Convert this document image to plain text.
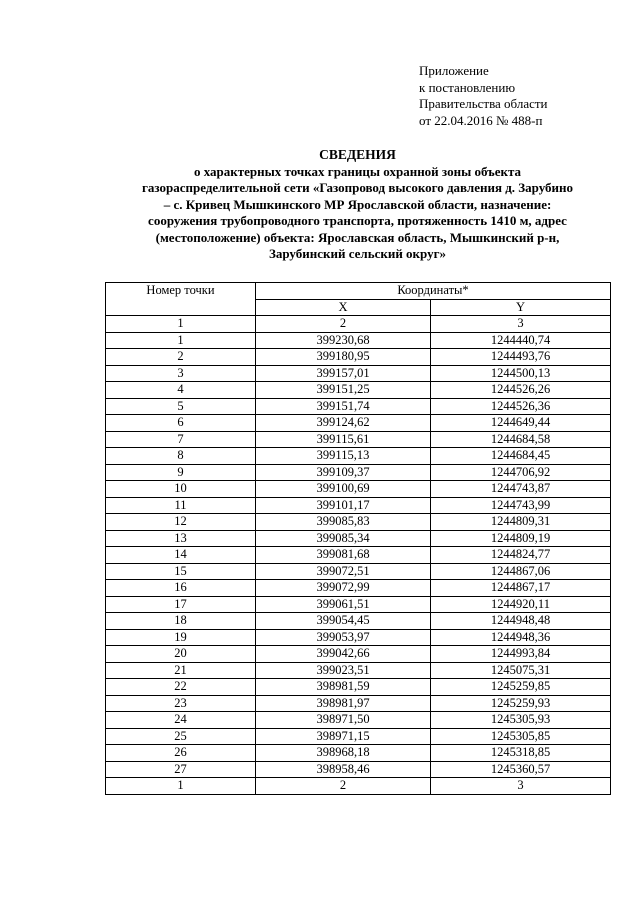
Приложение
к постановлению
Правительства области
от 22.04.2016 № 488-п
СВЕДЕНИЯ
о характерных точках границы охранной зоны объекта
газораспределительной сети «Газопровод высокого давления д. Зарубино
– с. Кривец Мышкинского МР Ярославской области, назначение:
сооружения трубопроводного транспорта, протяженность 1410 м, адрес
(местоположение) объекта: Ярославская область, Мышкинский р-н,
Зарубинский сельский округ»
Номер точки	Координаты*	
	X	Y
1	2	3
1	399230,68	1244440,74
2	399180,95	1244493,76
3	399157,01	1244500,13
4	399151,25	1244526,26
5	399151,74	1244526,36
6	399124,62	1244649,44
7	399115,61	1244684,58
8	399115,13	1244684,45
9	399109,37	1244706,92
10	399100,69	1244743,87
11	399101,17	1244743,99
12	399085,83	1244809,31
13	399085,34	1244809,19
14	399081,68	1244824,77
15	399072,51	1244867,06
16	399072,99	1244867,17
17	399061,51	1244920,11
18	399054,45	1244948,48
19	399053,97	1244948,36
20	399042,66	1244993,84
21	399023,51	1245075,31
22	398981,59	1245259,85
23	398981,97	1245259,93
24	398971,50	1245305,93
25	398971,15	1245305,85
26	398968,18	1245318,85
27	398958,46	1245360,57
1	2	3
